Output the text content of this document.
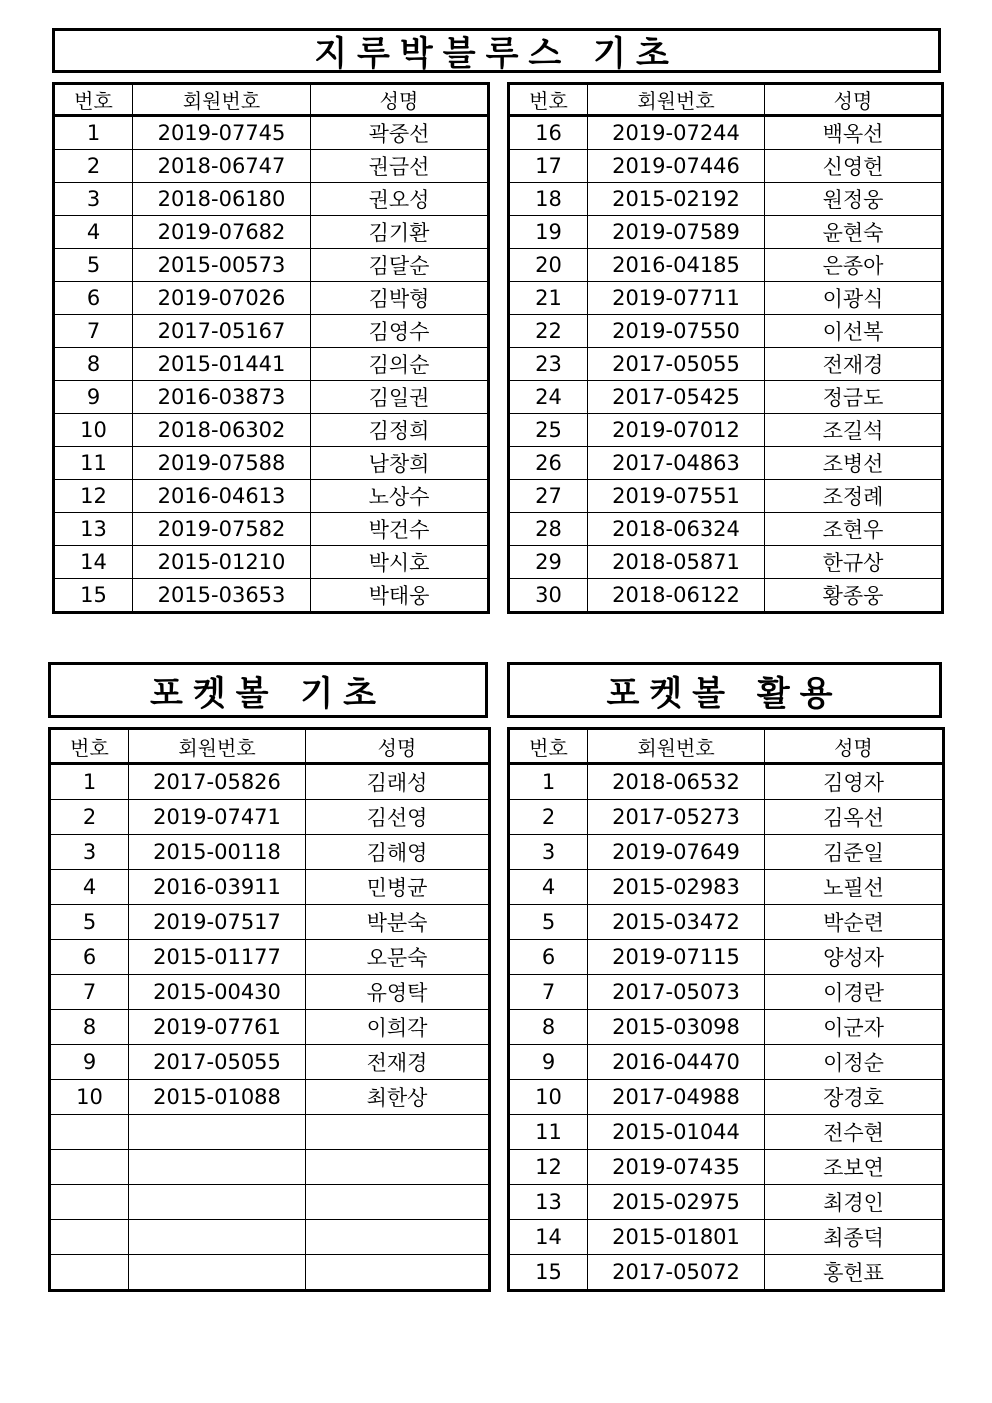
지루박블루스 기초
번호	회원번호	성명
1	2019-07745	곽중선
2	2018-06747	권금선
3	2018-06180	권오성
4	2019-07682	김기환
5	2015-00573	김달순
6	2019-07026	김박형
7	2017-05167	김영수
8	2015-01441	김의순
9	2016-03873	김일권
10	2018-06302	김정희
11	2019-07588	남창희
12	2016-04613	노상수
13	2019-07582	박건수
14	2015-01210	박시호
15	2015-03653	박태웅
번호	회원번호	성명
16	2019-07244	백옥선
17	2019-07446	신영헌
18	2015-02192	원정웅
19	2019-07589	윤현숙
20	2016-04185	은종아
21	2019-07711	이광식
22	2019-07550	이선복
23	2017-05055	전재경
24	2017-05425	정금도
25	2019-07012	조길석
26	2017-04863	조병선
27	2019-07551	조정례
28	2018-06324	조현우
29	2018-05871	한규상
30	2018-06122	황종웅
포켓볼 기초
번호	회원번호	성명
1	2017-05826	김래성
2	2019-07471	김선영
3	2015-00118	김해영
4	2016-03911	민병균
5	2019-07517	박분숙
6	2015-01177	오문숙
7	2015-00430	유영탁
8	2019-07761	이희각
9	2017-05055	전재경
10	2015-01088	최한상

포켓볼 활용
번호	회원번호	성명
1	2018-06532	김영자
2	2017-05273	김옥선
3	2019-07649	김준일
4	2015-02983	노필선
5	2015-03472	박순련
6	2019-07115	양성자
7	2017-05073	이경란
8	2015-03098	이군자
9	2016-04470	이정순
10	2017-04988	장경호
11	2015-01044	전수현
12	2019-07435	조보연
13	2015-02975	최경인
14	2015-01801	최종덕
15	2017-05072	홍헌표
